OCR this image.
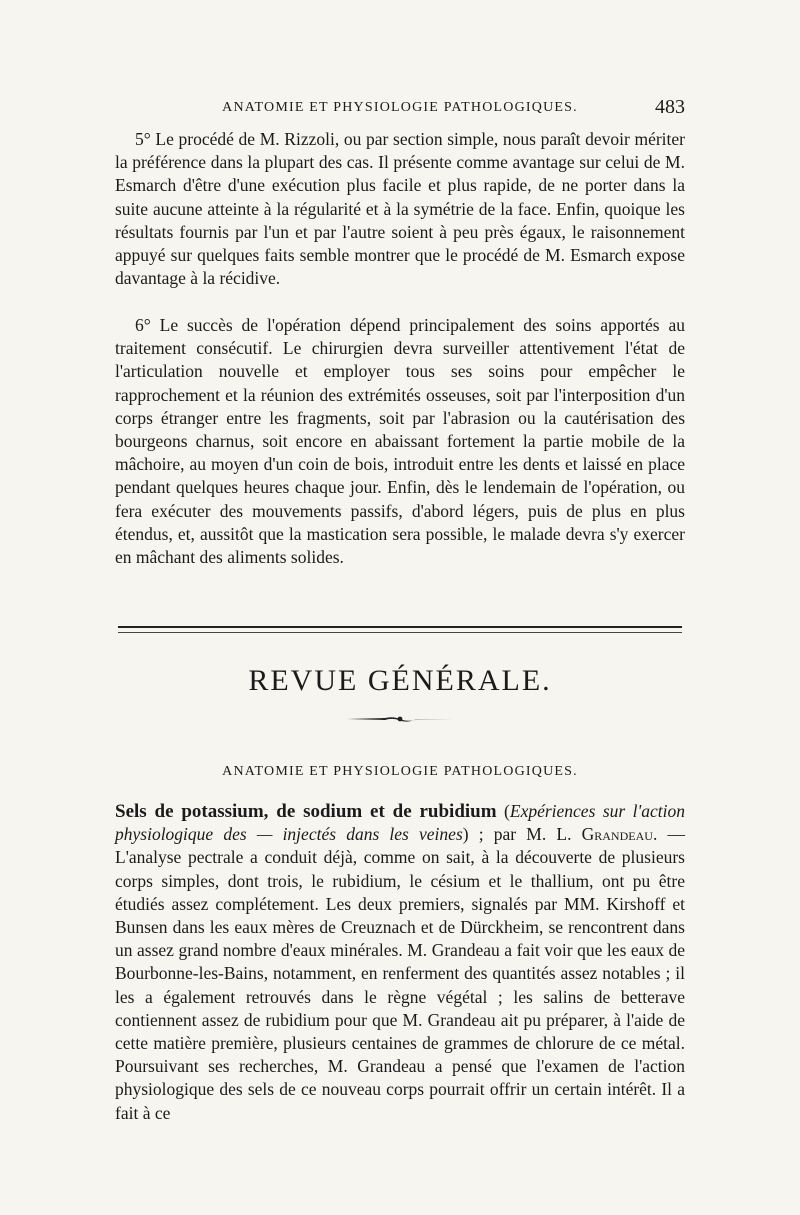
ANATOMIE ET PHYSIOLOGIE PATHOLOGIQUES.	483

5° Le procédé de M. Rizzoli, ou par section simple, nous paraît devoir mériter la préférence dans la plupart des cas. Il présente comme avantage sur celui de M. Esmarch d'être d'une exécution plus facile et plus rapide, de ne porter dans la suite aucune atteinte à la régularité et à la symétrie de la face. Enfin, quoique les résultats fournis par l'un et par l'autre soient à peu près égaux, le raisonnement appuyé sur quelques faits semble montrer que le procédé de M. Esmarch expose davantage à la récidive.

6° Le succès de l'opération dépend principalement des soins apportés au traitement consécutif. Le chirurgien devra surveiller attentivement l'état de l'articulation nouvelle et employer tous ses soins pour empêcher le rapprochement et la réunion des extrémités osseuses, soit par l'interposition d'un corps étranger entre les fragments, soit par l'abrasion ou la cautérisation des bourgeons charnus, soit encore en abaissant fortement la partie mobile de la mâchoire, au moyen d'un coin de bois, introduit entre les dents et laissé en place pendant quelques heures chaque jour. Enfin, dès le lendemain de l'opération, ou fera exécuter des mouvements passifs, d'abord légers, puis de plus en plus étendus, et, aussitôt que la mastication sera possible, le malade devra s'y exercer en mâchant des aliments solides.

REVUE GÉNÉRALE.
ANATOMIE ET PHYSIOLOGIE PATHOLOGIQUES.

Sels de potassium, de sodium et de rubidium (Expériences sur l'action physiologique des — injectés dans les veines) ; par M. L. Grandeau. — L'analyse pectrale a conduit déjà, comme on sait, à la découverte de plusieurs corps simples, dont trois, le rubidium, le césium et le thallium, ont pu être étudiés assez complétement. Les deux premiers, signalés par MM. Kirshoff et Bunsen dans les eaux mères de Creuznach et de Dürckheim, se rencontrent dans un assez grand nombre d'eaux minérales. M. Grandeau a fait voir que les eaux de Bourbonne-les-Bains, notamment, en renferment des quantités assez notables ; il les a également retrouvés dans le règne végétal ; les salins de betterave contiennent assez de rubidium pour que M. Grandeau ait pu préparer, à l'aide de cette matière première, plusieurs centaines de grammes de chlorure de ce métal. Poursuivant ses recherches, M. Grandeau a pensé que l'examen de l'action physiologique des sels de ce nouveau corps pourrait offrir un certain intérêt. Il a fait à ce
